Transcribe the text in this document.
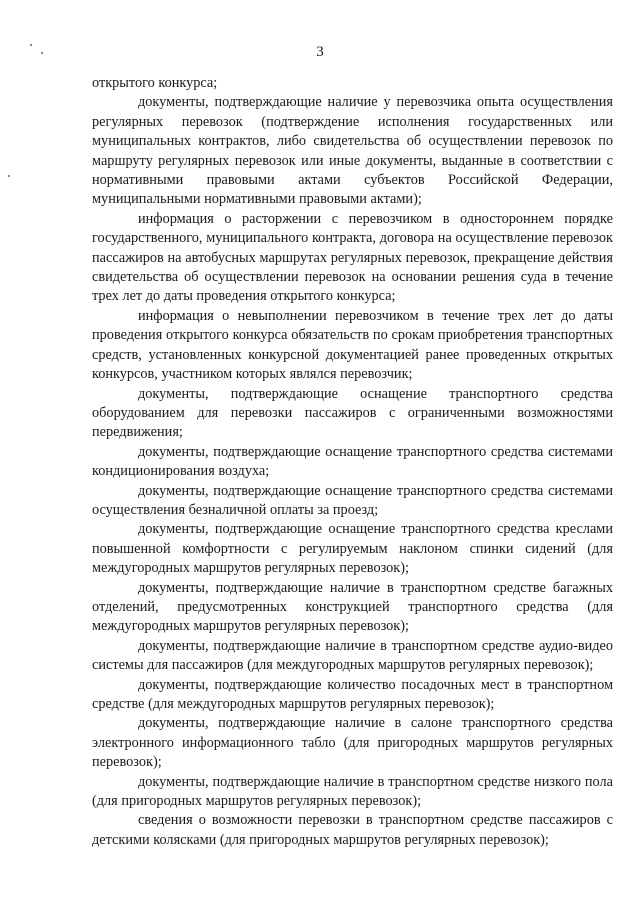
3

открытого конкурса;

документы, подтверждающие наличие у перевозчика опыта осуществления регулярных перевозок (подтверждение исполнения государственных или муниципальных контрактов, либо свидетельства об осуществлении перевозок по маршруту регулярных перевозок или иные документы, выданные в соответствии с нормативными правовыми актами субъектов Российской Федерации, муниципальными нормативными правовыми актами);

информация о расторжении с перевозчиком в одностороннем порядке государственного, муниципального контракта, договора на осуществление перевозок пассажиров на автобусных маршрутах регулярных перевозок, прекращение действия свидетельства об осуществлении перевозок на основании решения суда в течение трех лет до даты проведения открытого конкурса;

информация о невыполнении перевозчиком в течение трех лет до даты проведения открытого конкурса обязательств по срокам приобретения транспортных средств, установленных конкурсной документацией ранее проведенных открытых конкурсов, участником которых являлся перевозчик;

документы, подтверждающие оснащение транспортного средства оборудованием для перевозки пассажиров с ограниченными возможностями передвижения;

документы, подтверждающие оснащение транспортного средства системами кондиционирования воздуха;

документы, подтверждающие оснащение транспортного средства системами осуществления безналичной оплаты за проезд;

документы, подтверждающие оснащение транспортного средства креслами повышенной комфортности с регулируемым наклоном спинки сидений (для междугородных маршрутов регулярных перевозок);

документы, подтверждающие наличие в транспортном средстве багажных отделений, предусмотренных конструкцией транспортного средства (для междугородных маршрутов регулярных перевозок);

документы, подтверждающие наличие в транспортном средстве аудио-видео системы для пассажиров (для междугородных маршрутов регулярных перевозок);

документы, подтверждающие количество посадочных мест в транспортном средстве (для междугородных маршрутов регулярных перевозок);

документы, подтверждающие наличие в салоне транспортного средства электронного информационного табло (для пригородных маршрутов регулярных перевозок);

документы, подтверждающие наличие в транспортном средстве низкого пола (для пригородных маршрутов регулярных перевозок);

сведения о возможности перевозки в транспортном средстве пассажиров с детскими колясками (для пригородных маршрутов регулярных перевозок);
